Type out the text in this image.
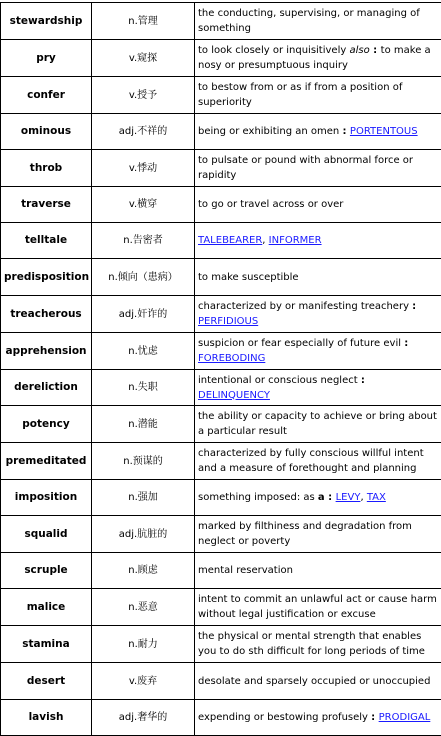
stewardship	n.管理	the conducting, supervising, or managing of something
pry	v.窥探	to look closely or inquisitively also : to make a nosy or presumptuous inquiry
confer	v.授予	to bestow from or as if from a position of superiority
ominous	adj.不祥的	being or exhibiting an omen : PORTENTOUS
throb	v.悸动	to pulsate or pound with abnormal force or rapidity
traverse	v.横穿	to go or travel across or over
telltale	n.告密者	TALEBEARER, INFORMER
predisposition	n.倾向（患病）	to make susceptible
treacherous	adj.奸诈的	characterized by or manifesting treachery : PERFIDIOUS
apprehension	n.忧虑	suspicion or fear especially of future evil : FOREBODING
dereliction	n.失职	intentional or conscious neglect : DELINQUENCY
potency	n.潜能	the ability or capacity to achieve or bring about a particular result
premeditated	n.预谋的	characterized by fully conscious willful intent and a measure of forethought and planning
imposition	n.强加	something imposed: as a : LEVY, TAX
squalid	adj.肮脏的	marked by filthiness and degradation from neglect or poverty
scruple	n.顾虑	mental reservation
malice	n.恶意	intent to commit an unlawful act or cause harm without legal justification or excuse
stamina	n.耐力	the physical or mental strength that enables you to do sth difficult for long periods of time
desert	v.废弃	desolate and sparsely occupied or unoccupied
lavish	adj.奢华的	expending or bestowing profusely : PRODIGAL
